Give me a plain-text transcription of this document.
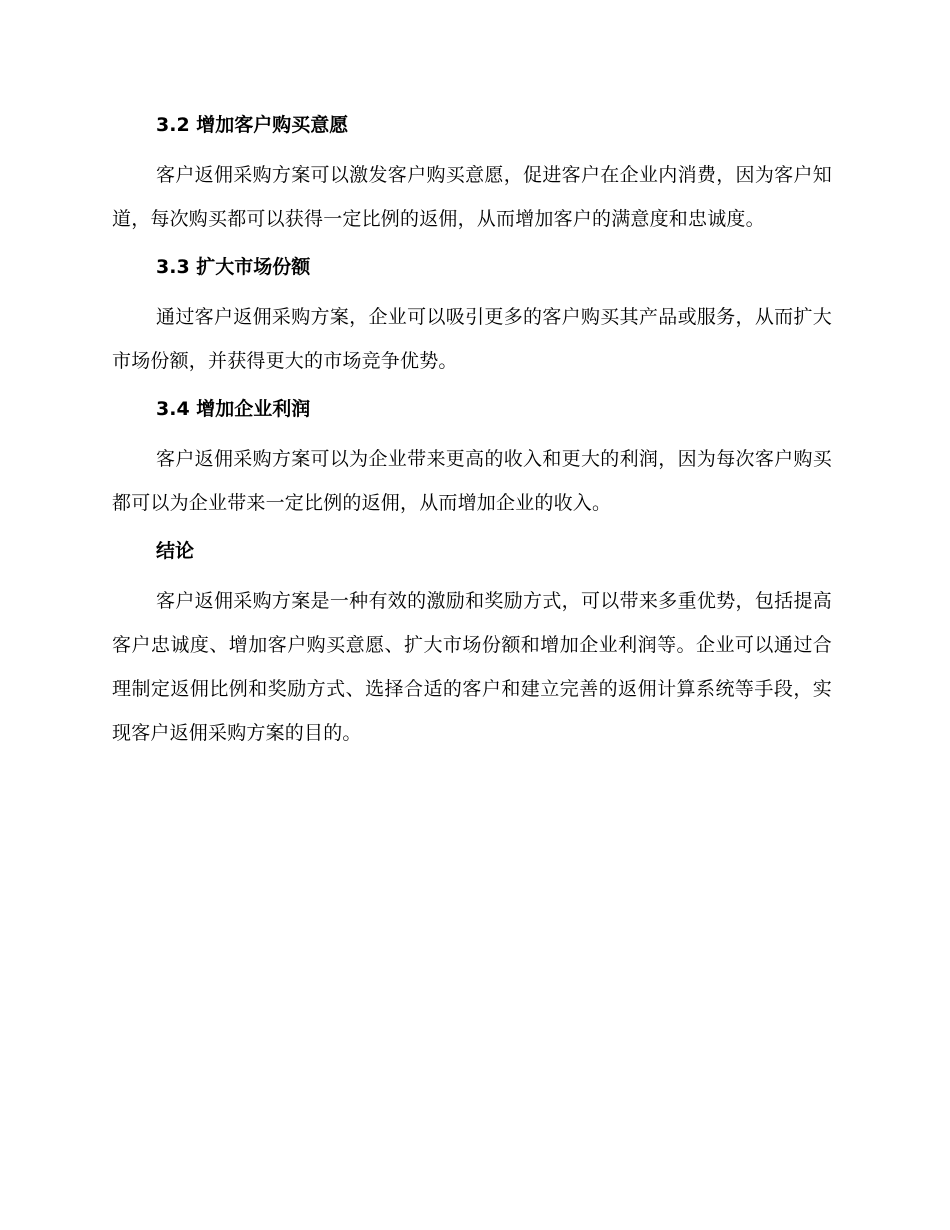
3.2 增加客户购买意愿

客户返佣采购方案可以激发客户购买意愿，促进客户在企业内消费，因为客户知道，每次购买都可以获得一定比例的返佣，从而增加客户的满意度和忠诚度。

3.3 扩大市场份额

通过客户返佣采购方案，企业可以吸引更多的客户购买其产品或服务，从而扩大市场份额，并获得更大的市场竞争优势。

3.4 增加企业利润

客户返佣采购方案可以为企业带来更高的收入和更大的利润，因为每次客户购买都可以为企业带来一定比例的返佣，从而增加企业的收入。

结论

客户返佣采购方案是一种有效的激励和奖励方式，可以带来多重优势，包括提高客户忠诚度、增加客户购买意愿、扩大市场份额和增加企业利润等。企业可以通过合理制定返佣比例和奖励方式、选择合适的客户和建立完善的返佣计算系统等手段，实现客户返佣采购方案的目的。
